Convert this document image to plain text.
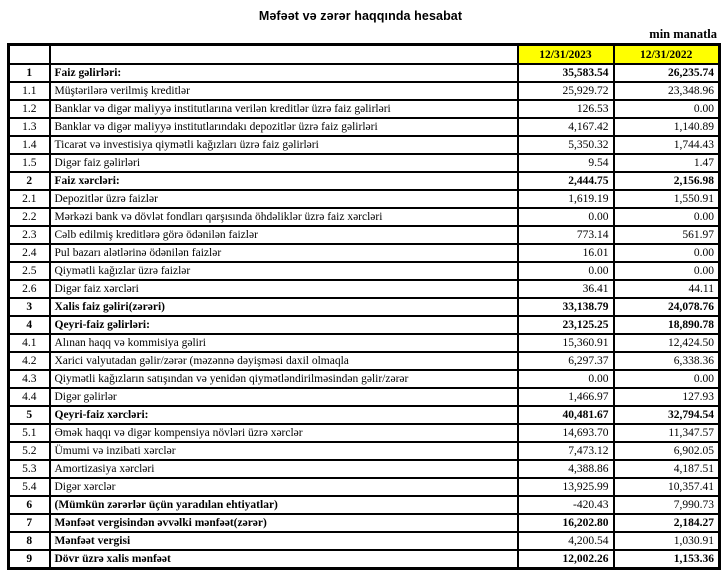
Məfəət və zərər haqqında hesabat
min manatla
		12/31/2023	12/31/2022
1	Faiz gəlirləri:	35,583.54	26,235.74
1.1	Müştərilərə verilmiş kreditlər	25,929.72	23,348.96
1.2	Banklar və digər maliyyə institutlarına verilən kreditlər üzrə faiz gəlirləri	126.53	0.00
1.3	Banklar və digər maliyyə institutlarındakı depozitlər üzrə faiz gəlirləri	4,167.42	1,140.89
1.4	Ticarət və investisiya qiymətli kağızları üzrə faiz gəlirləri	5,350.32	1,744.43
1.5	Digər faiz gəlirləri	9.54	1.47
2	Faiz xərcləri:	2,444.75	2,156.98
2.1	Depozitlər üzrə faizlər	1,619.19	1,550.91
2.2	Mərkəzi bank və dövlət fondları qarşısında öhdəliklər üzrə faiz xərcləri	0.00	0.00
2.3	Cəlb edilmiş kreditlərə görə ödənilən faizlər	773.14	561.97
2.4	Pul bazarı alətlərinə ödənilən faizlər	16.01	0.00
2.5	Qiymətli kağızlar üzrə faizlər	0.00	0.00
2.6	Digər faiz xərcləri	36.41	44.11
3	Xalis faiz gəliri(zərəri)	33,138.79	24,078.76
4	Qeyri-faiz gəlirləri:	23,125.25	18,890.78
4.1	Alınan haqq və kommisiya gəliri	15,360.91	12,424.50
4.2	Xarici valyutadan gəlir/zərər (məzənnə dəyişməsi daxil olmaqla	6,297.37	6,338.36
4.3	Qiymətli kağızların satışından və yenidən qiymətləndirilməsindən gəlir/zərər	0.00	0.00
4.4	Digər gəlirlər	1,466.97	127.93
5	Qeyri-faiz xərcləri:	40,481.67	32,794.54
5.1	Əmək haqqı və digər kompensiya növləri üzrə xərclər	14,693.70	11,347.57
5.2	Ümumi və inzibati xərclər	7,473.12	6,902.05
5.3	Amortizasiya xərcləri	4,388.86	4,187.51
5.4	Digər xərclər	13,925.99	10,357.41
6	(Mümkün zərərlər üçün yaradılan ehtiyatlar)	-420.43	7,990.73
7	Mənfəət vergisindən əvvəlki mənfəət(zərər)	16,202.80	2,184.27
8	Mənfəət vergisi	4,200.54	1,030.91
9	Dövr üzrə xalis mənfəət	12,002.26	1,153.36
